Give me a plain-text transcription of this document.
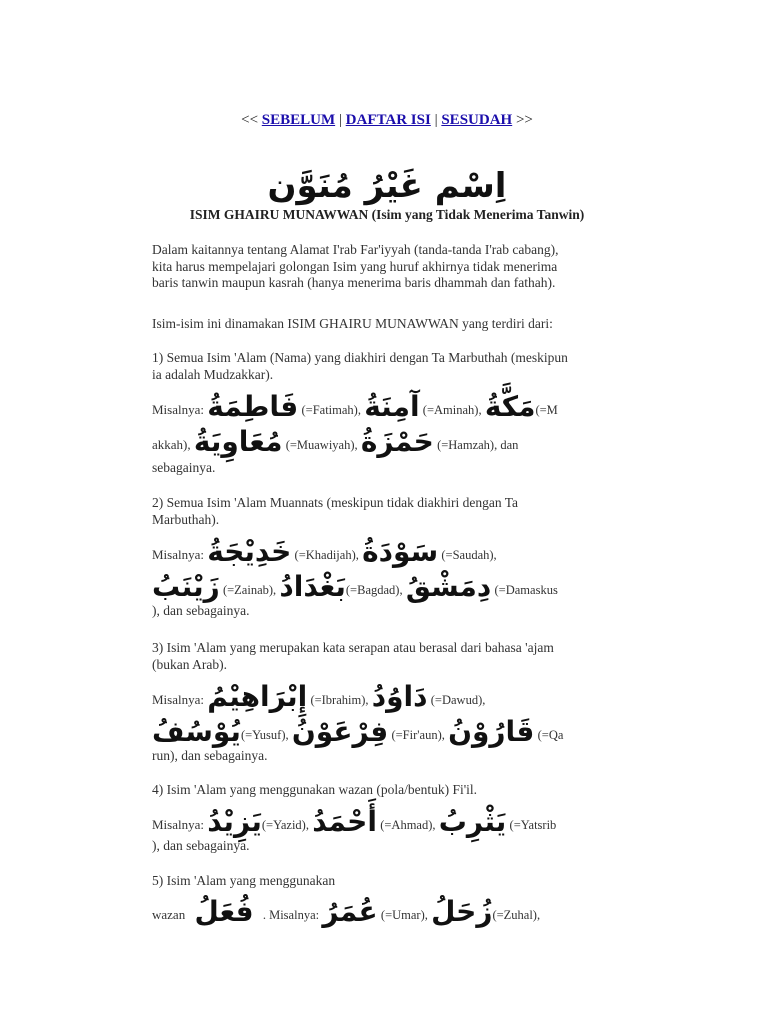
<< SEBELUM | DAFTAR ISI | SESUDAH >>
اِسْم غَيْرُ مُنَوَّن
ISIM GHAIRU MUNAWWAN (Isim yang Tidak Menerima Tanwin)
Dalam kaitannya tentang Alamat I'rab Far'iyyah (tanda-tanda I'rab cabang),
kita harus mempelajari golongan Isim yang huruf akhirnya tidak menerima
baris tanwin maupun kasrah (hanya menerima baris dhammah dan fathah).
Isim-isim ini dinamakan ISIM GHAIRU MUNAWWAN yang terdiri dari:
1) Semua Isim 'Alam (Nama) yang diakhiri dengan Ta Marbuthah (meskipun
ia adalah Mudzakkar).
Misalnya: فَاطِمَةُ (=Fatimah), آمِنَةُ (=Aminah), مَكَّةُ(=M
akkah), مُعَاوِيَةُ (=Muawiyah), حَمْزَةُ (=Hamzah), dan
sebagainya.
2) Semua Isim 'Alam Muannats (meskipun tidak diakhiri dengan Ta
Marbuthah).
Misalnya: خَدِيْجَةُ (=Khadijah), سَوْدَةُ (=Saudah),
زَيْنَبُ (=Zainab), بَغْدَادُ(=Bagdad), دِمَشْقُ (=Damaskus
), dan sebagainya.
3) Isim 'Alam yang merupakan kata serapan atau berasal dari bahasa 'ajam
(bukan Arab).
Misalnya: إِبْرَاهِيْمُ (=Ibrahim), دَاوُدُ (=Dawud),
يُوْسُفُ(=Yusuf), فِرْعَوْنُ (=Fir'aun), قَارُوْنُ (=Qa
run), dan sebagainya.
4) Isim 'Alam yang menggunakan wazan (pola/bentuk) Fi'il.
Misalnya: يَزِيْدُ(=Yazid), أَحْمَدُ (=Ahmad), يَثْرِبُ (=Yatsrib
), dan sebagainya.
5) Isim 'Alam yang menggunakan
wazan فُعَلُ . Misalnya: عُمَرُ (=Umar), زُحَلُ(=Zuhal),
